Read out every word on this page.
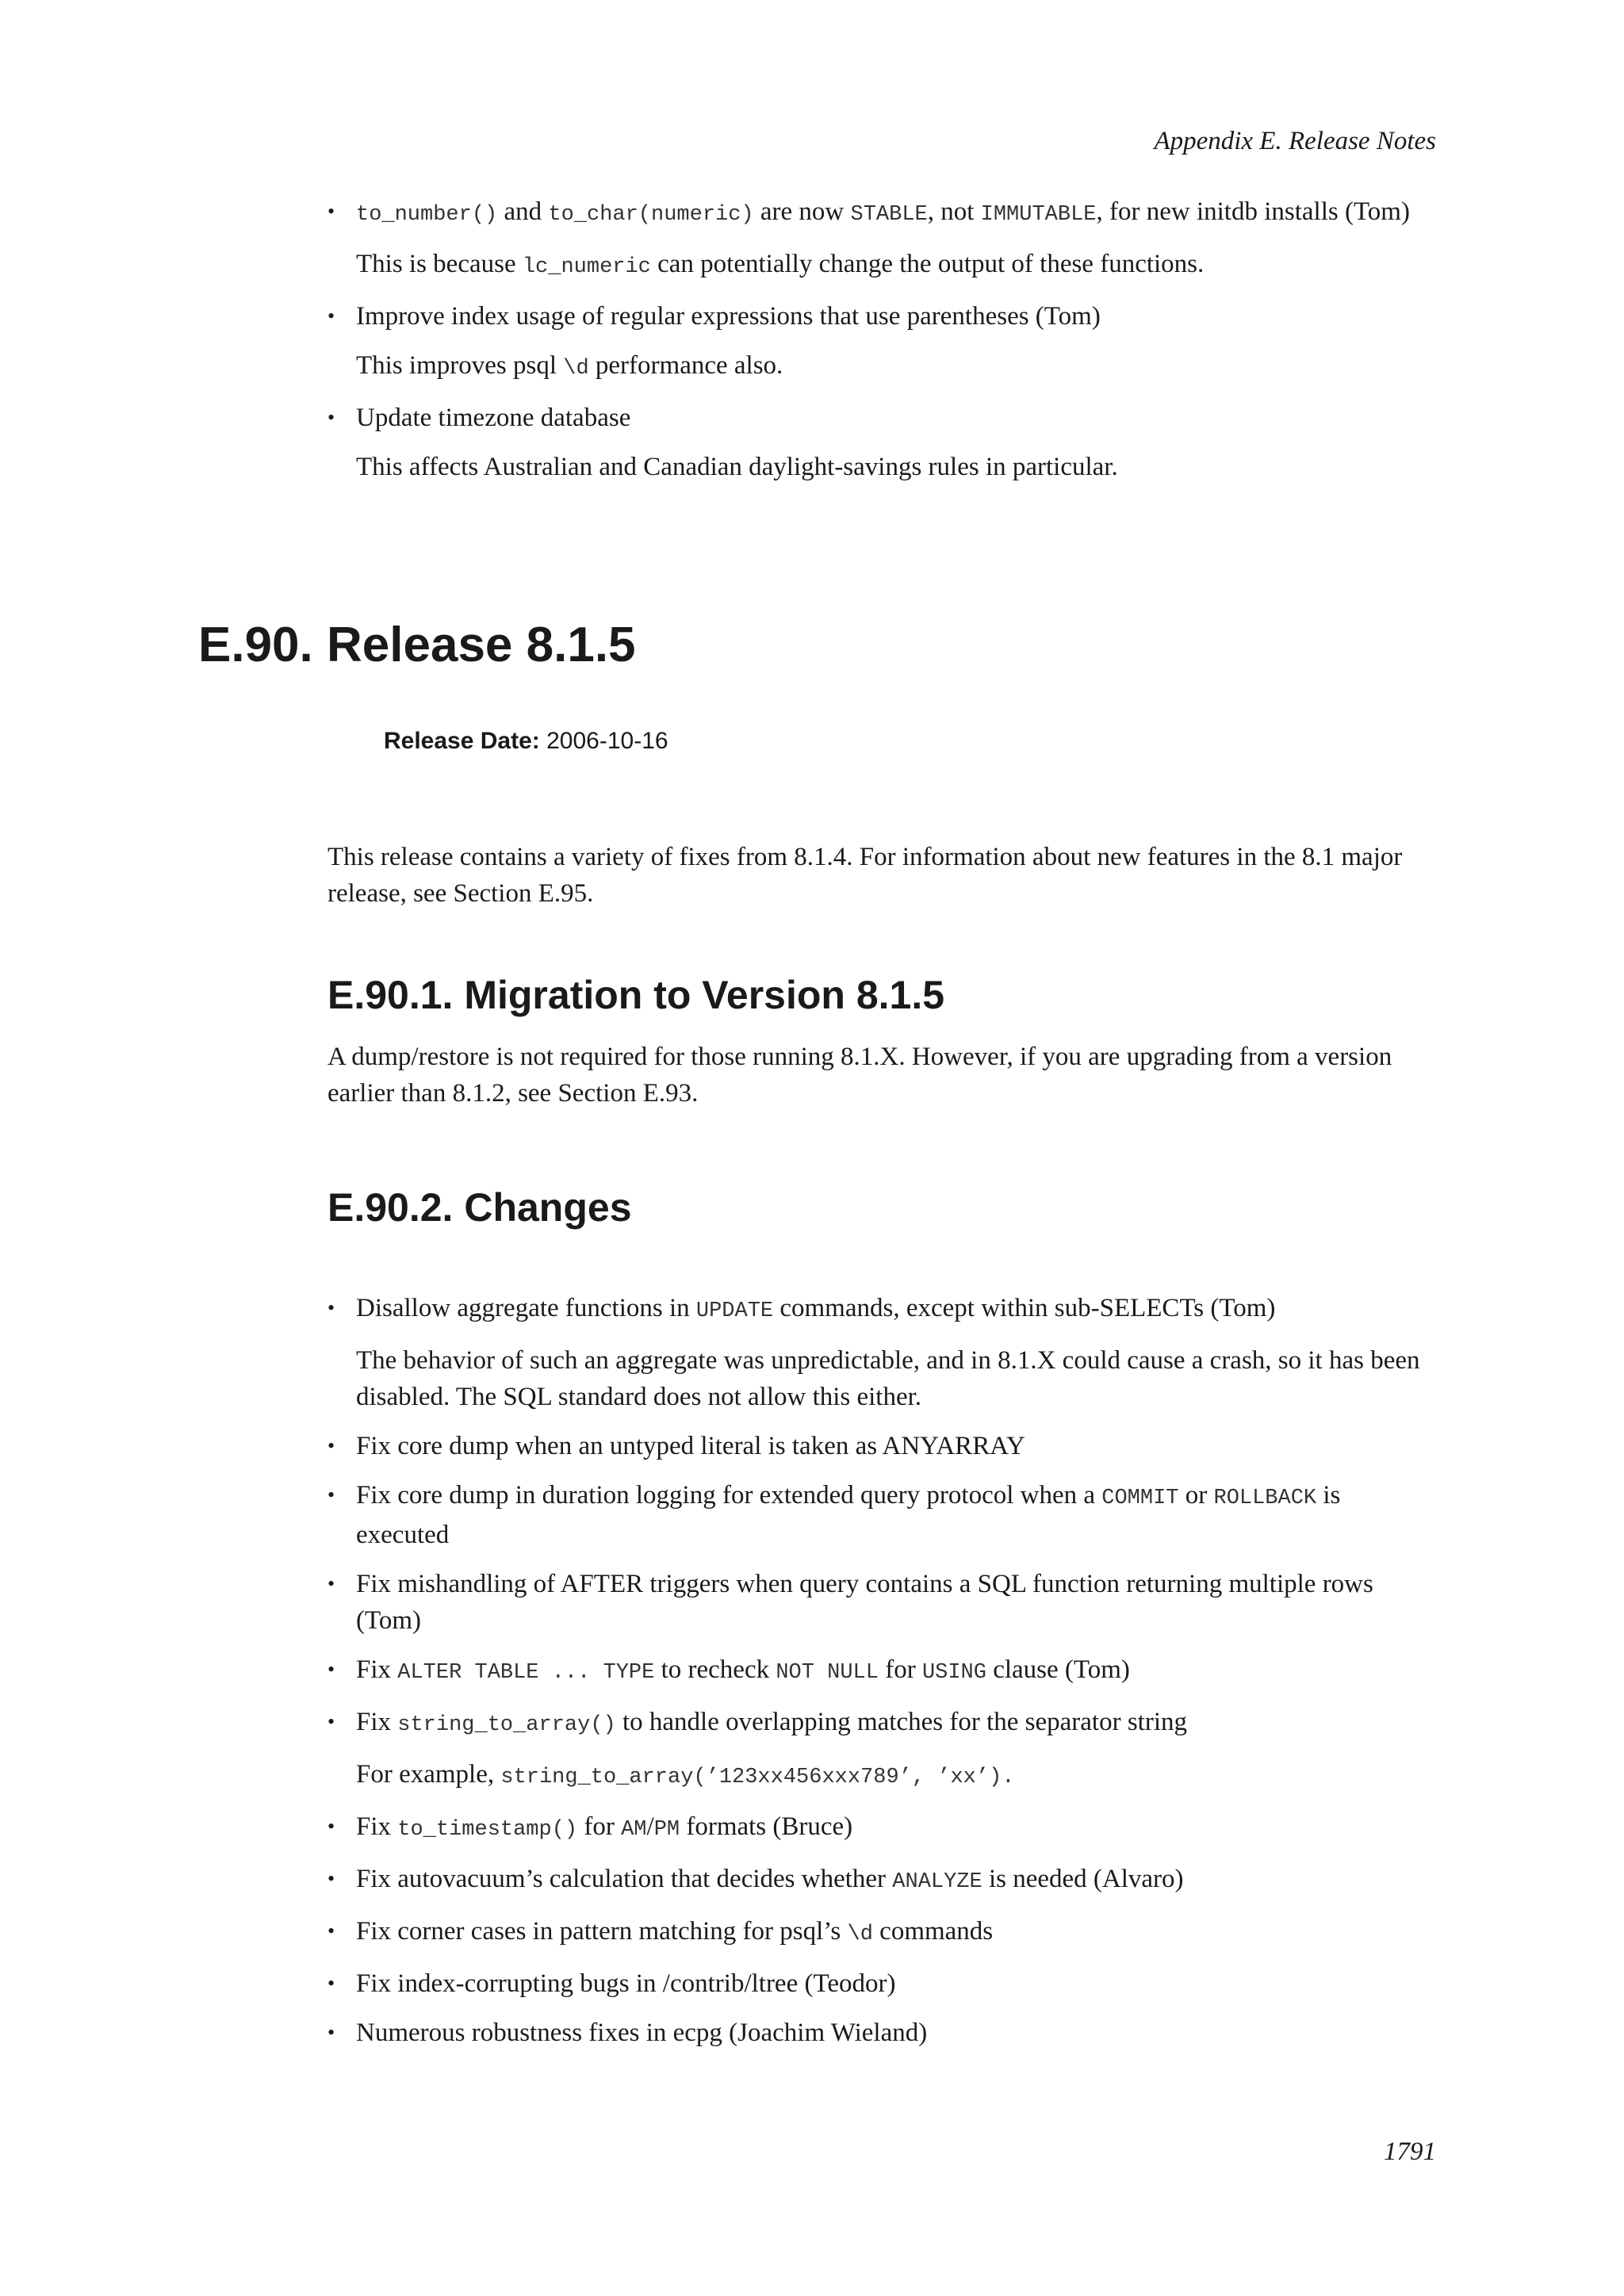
Appendix E. Release Notes
• to_number() and to_char(numeric) are now STABLE, not IMMUTABLE, for new initdb installs (Tom)
This is because lc_numeric can potentially change the output of these functions.
• Improve index usage of regular expressions that use parentheses (Tom)
This improves psql \d performance also.
• Update timezone database
This affects Australian and Canadian daylight-savings rules in particular.
E.90. Release 8.1.5
Release Date: 2006-10-16

This release contains a variety of fixes from 8.1.4. For information about new features in the 8.1 major release, see Section E.95.

E.90.1. Migration to Version 8.1.5

A dump/restore is not required for those running 8.1.X. However, if you are upgrading from a version earlier than 8.1.2, see Section E.93.

E.90.2. Changes
• Disallow aggregate functions in UPDATE commands, except within sub-SELECTs (Tom)
The behavior of such an aggregate was unpredictable, and in 8.1.X could cause a crash, so it has been disabled. The SQL standard does not allow this either.
• Fix core dump when an untyped literal is taken as ANYARRAY
• Fix core dump in duration logging for extended query protocol when a COMMIT or ROLLBACK is executed
• Fix mishandling of AFTER triggers when query contains a SQL function returning multiple rows (Tom)
• Fix ALTER TABLE ... TYPE to recheck NOT NULL for USING clause (Tom)
• Fix string_to_array() to handle overlapping matches for the separator string
For example, string_to_array(’123xx456xxx789’, ’xx’).
• Fix to_timestamp() for AM/PM formats (Bruce)
• Fix autovacuum’s calculation that decides whether ANALYZE is needed (Alvaro)
• Fix corner cases in pattern matching for psql’s \d commands
• Fix index-corrupting bugs in /contrib/ltree (Teodor)
• Numerous robustness fixes in ecpg (Joachim Wieland)
1791
